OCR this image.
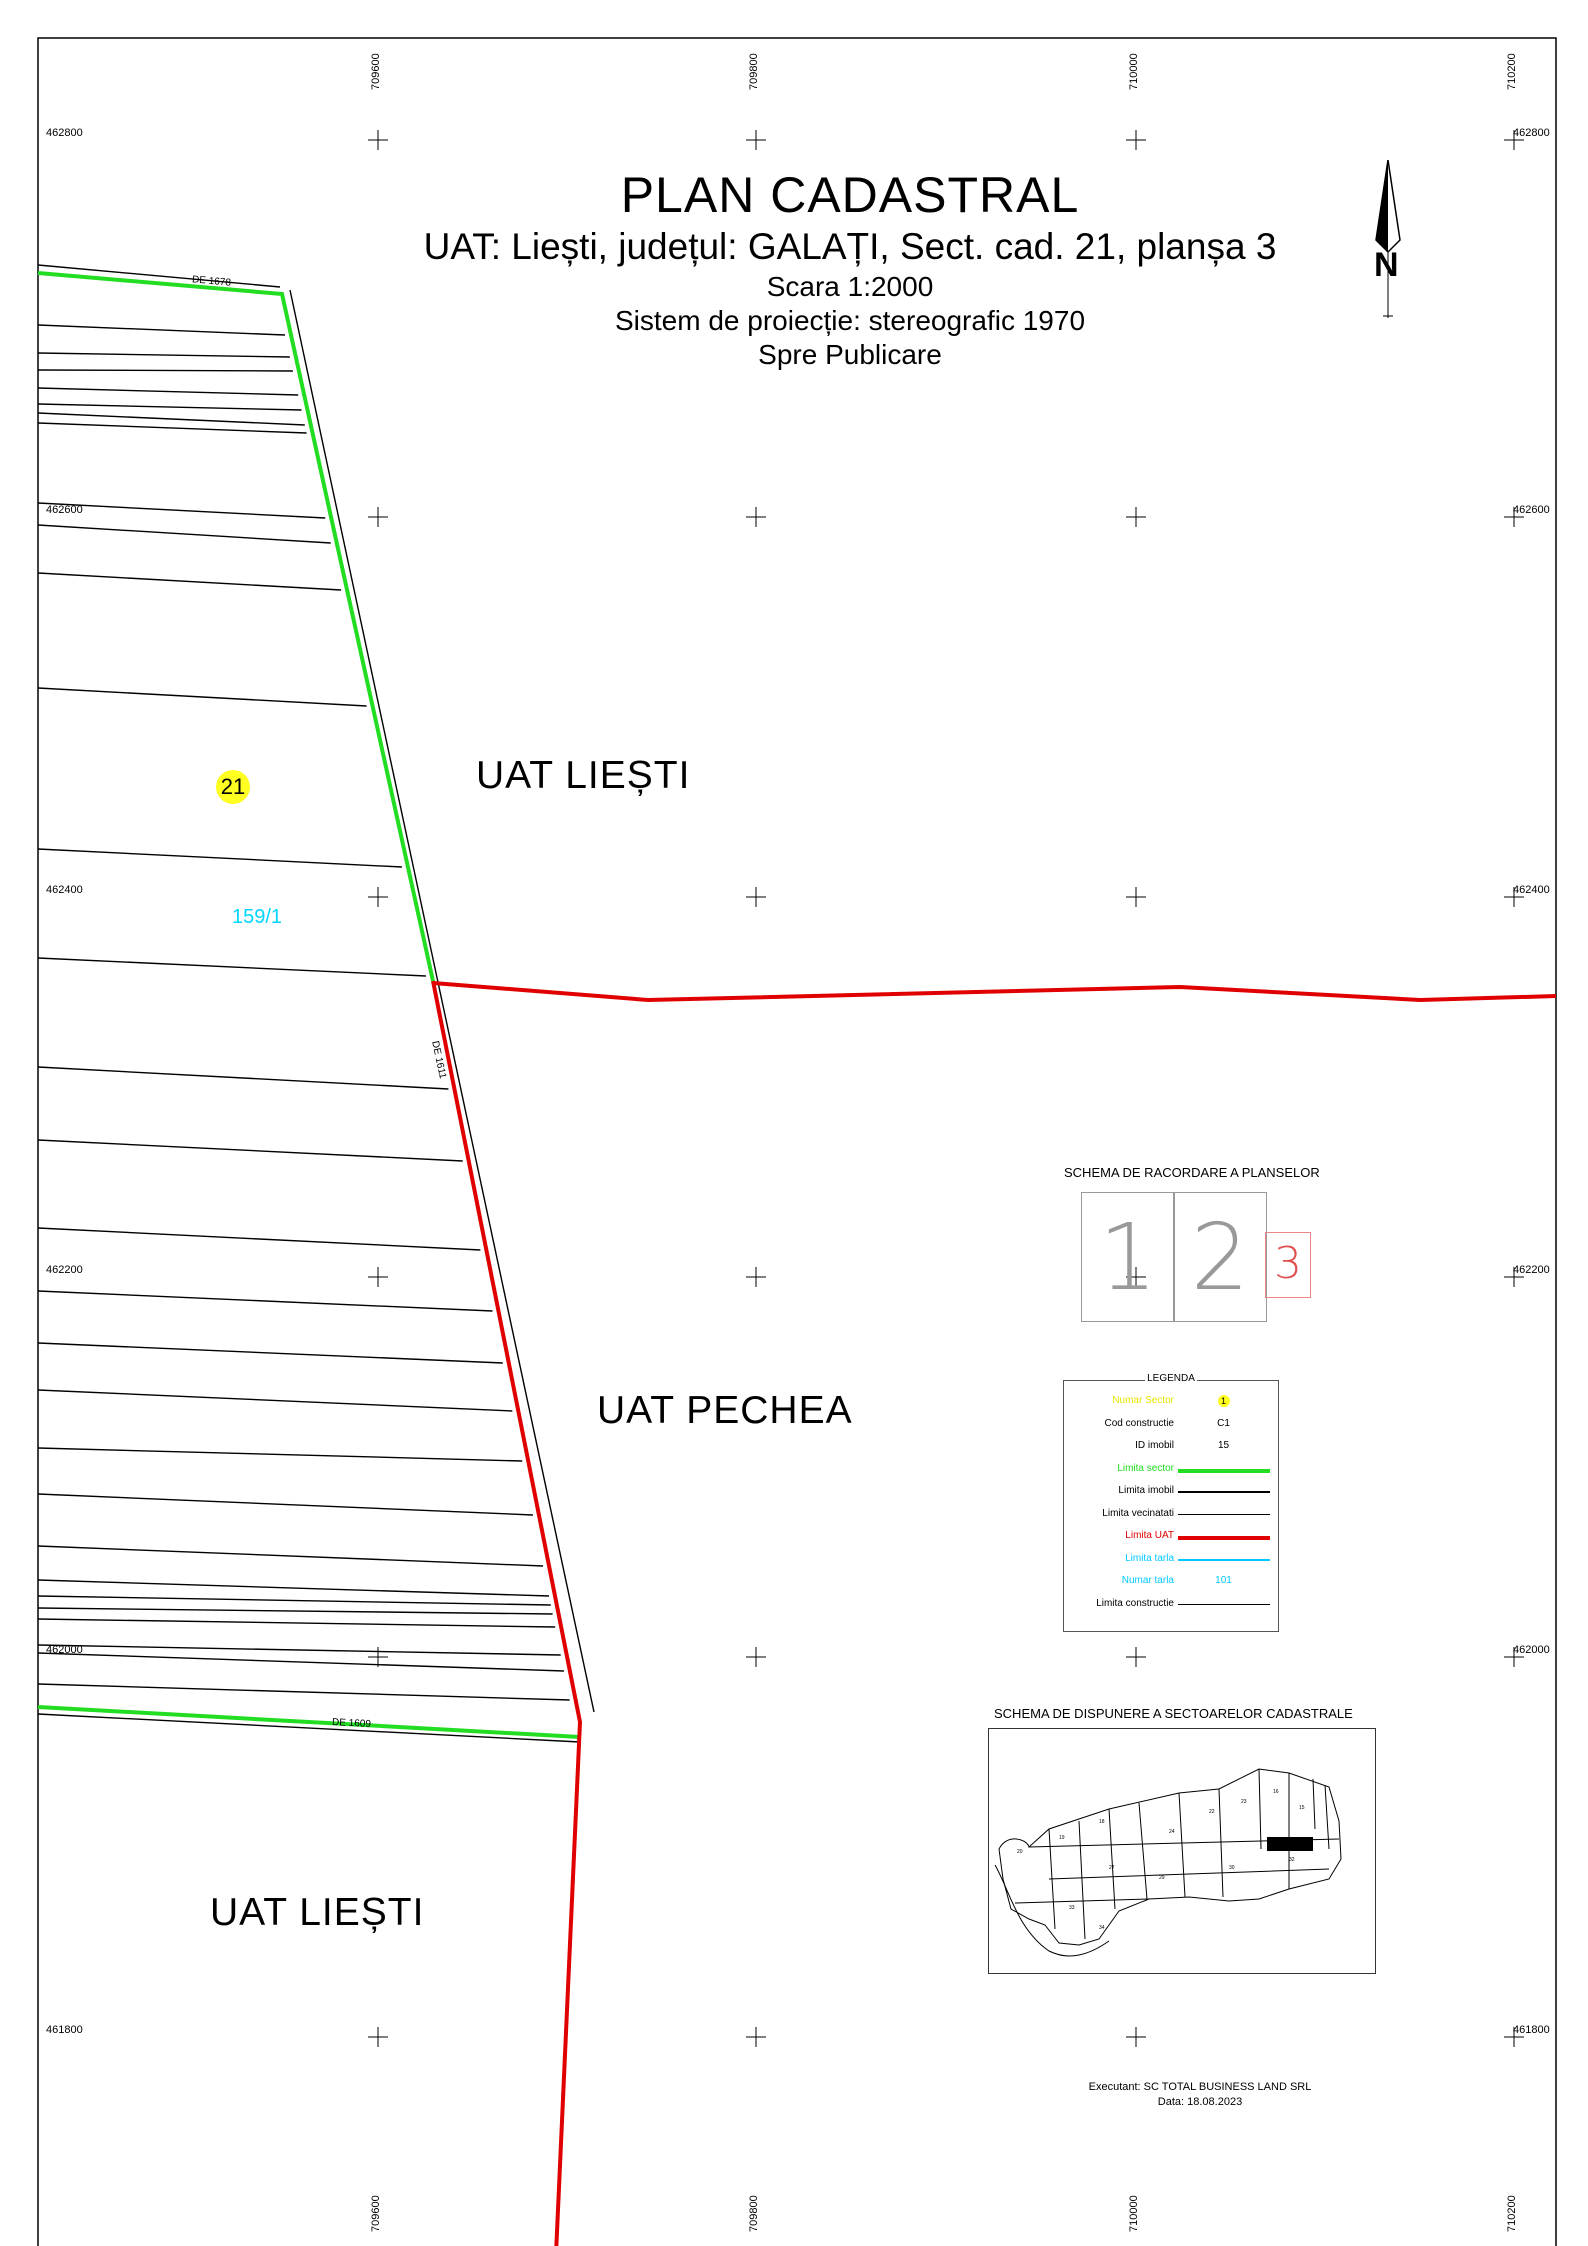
462800	462800
462600	462600
462400	462400
462200	462200
462000	462000
461800	461800
709600
709600
709800
709800
710000
710000
710200
710200
PLAN CADASTRAL
UAT: Liești, județul: GALAȚI, Sect. cad. 21, planșa 3
Scara 1:2000
Sistem de proiecție: stereografic 1970
Spre Publicare
N
UAT LIEȘTI
UAT PECHEA
UAT LIEȘTI
21
159/1
DE 1678
DE 1611
DE 1609
SCHEMA DE RACORDARE A PLANSELOR
1 2 3
LEGENDA
Numar Sector	1
Cod constructie	C1
ID imobil	15
Limita sector
Limita imobil
Limita vecinatati
Limita UAT
Limita tarla
Numar tarla	101
Limita constructie
SCHEMA DE DISPUNERE A SECTOARELOR CADASTRALE
20
19
18
24
22
23
16
15
32
30
29
27
33
34
Executant: SC TOTAL BUSINESS LAND SRL
Data: 18.08.2023
